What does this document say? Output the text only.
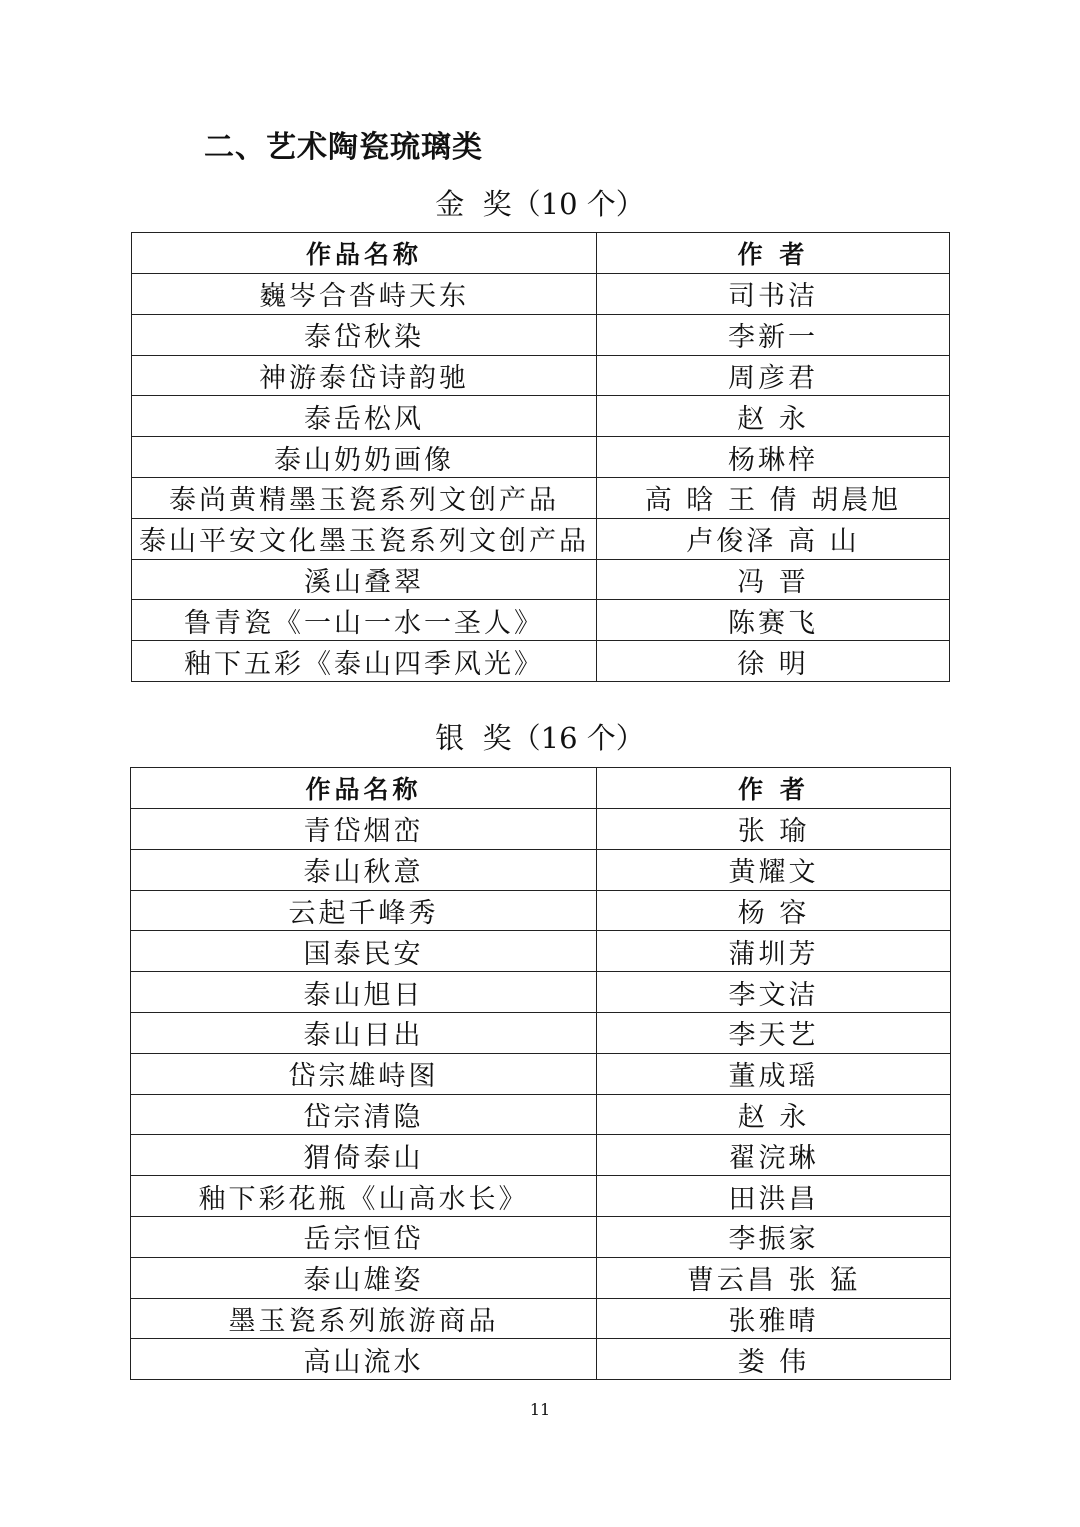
二、艺术陶瓷琉璃类
金  奖（10 个）
作品名称	作 者
巍岑合沓峙天东	司书洁
泰岱秋染	李新一
神游泰岱诗韵驰	周彦君
泰岳松风	赵 永
泰山奶奶画像	杨琳梓
泰尚黄精墨玉瓷系列文创产品	高 晗 王 倩 胡晨旭
泰山平安文化墨玉瓷系列文创产品	卢俊泽 高 山
溪山叠翠	冯 晋
鲁青瓷《一山一水一圣人》	陈赛飞
釉下五彩《泰山四季风光》	徐 明
银  奖（16 个）
作品名称	作 者
青岱烟峦	张 瑜
泰山秋意	黄耀文
云起千峰秀	杨 容
国泰民安	蒲圳芳
泰山旭日	李文洁
泰山日出	李天艺
岱宗雄峙图	董成瑶
岱宗清隐	赵 永
猬倚泰山	翟浣琳
釉下彩花瓶《山高水长》	田洪昌
岳宗恒岱	李振家
泰山雄姿	曹云昌 张 猛
墨玉瓷系列旅游商品	张雅晴
高山流水	娄 伟
11
